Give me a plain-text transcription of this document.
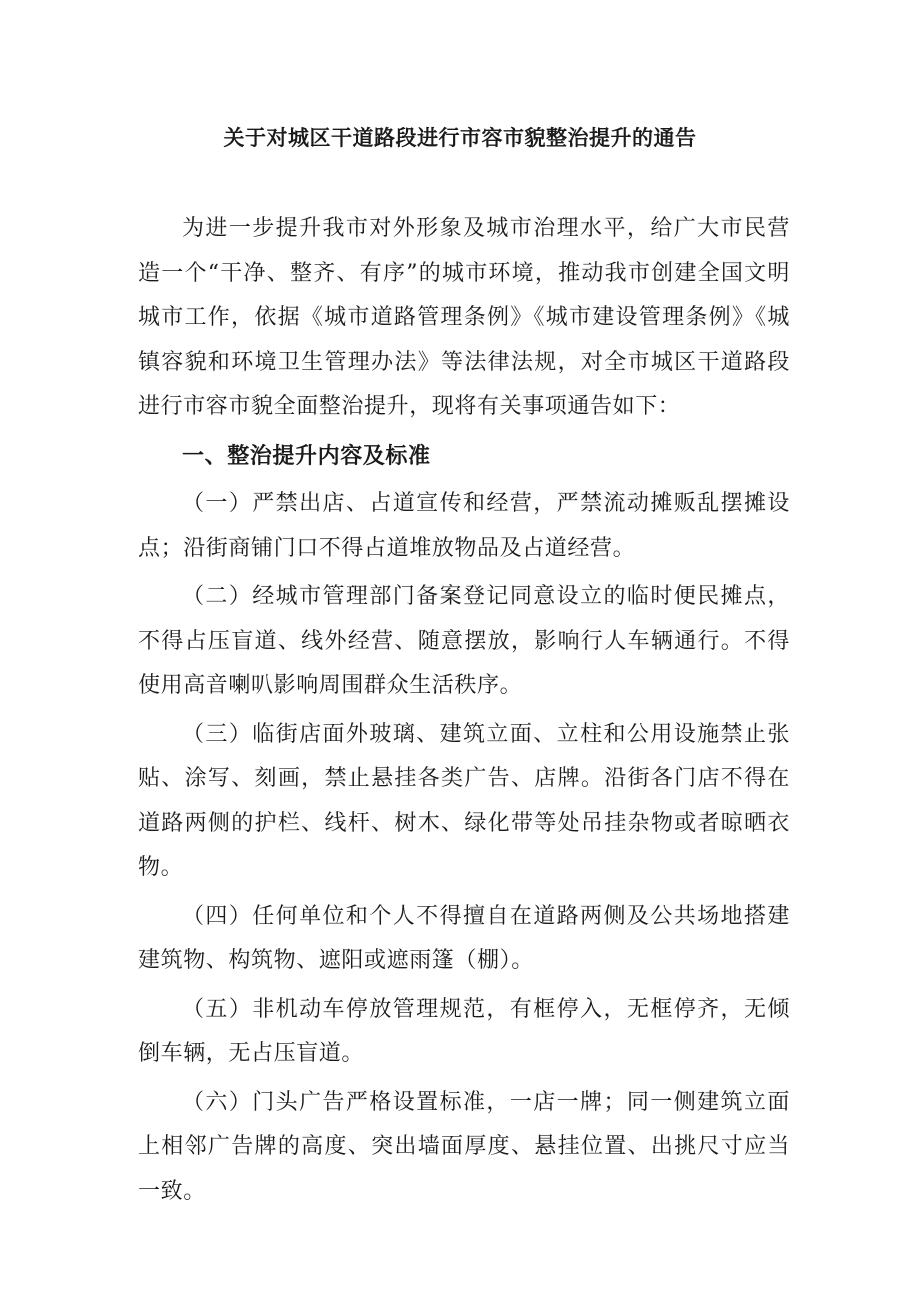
关于对城区干道路段进行市容市貌整治提升的通告

为进一步提升我市对外形象及城市治理水平，给广大市民营造一个“干净、整齐、有序”的城市环境，推动我市创建全国文明城市工作，依据《城市道路管理条例》《城市建设管理条例》《城镇容貌和环境卫生管理办法》等法律法规，对全市城区干道路段进行市容市貌全面整治提升，现将有关事项通告如下：

一、整治提升内容及标准

（一）严禁出店、占道宣传和经营，严禁流动摊贩乱摆摊设点；沿街商铺门口不得占道堆放物品及占道经营。

（二）经城市管理部门备案登记同意设立的临时便民摊点，不得占压盲道、线外经营、随意摆放，影响行人车辆通行。不得使用高音喇叭影响周围群众生活秩序。

（三）临街店面外玻璃、建筑立面、立柱和公用设施禁止张贴、涂写、刻画，禁止悬挂各类广告、店牌。沿街各门店不得在道路两侧的护栏、线杆、树木、绿化带等处吊挂杂物或者晾晒衣物。

（四）任何单位和个人不得擅自在道路两侧及公共场地搭建建筑物、构筑物、遮阳或遮雨篷（棚）。

（五）非机动车停放管理规范，有框停入，无框停齐，无倾倒车辆，无占压盲道。

（六）门头广告严格设置标准，一店一牌；同一侧建筑立面上相邻广告牌的高度、突出墙面厚度、悬挂位置、出挑尺寸应当一致。
